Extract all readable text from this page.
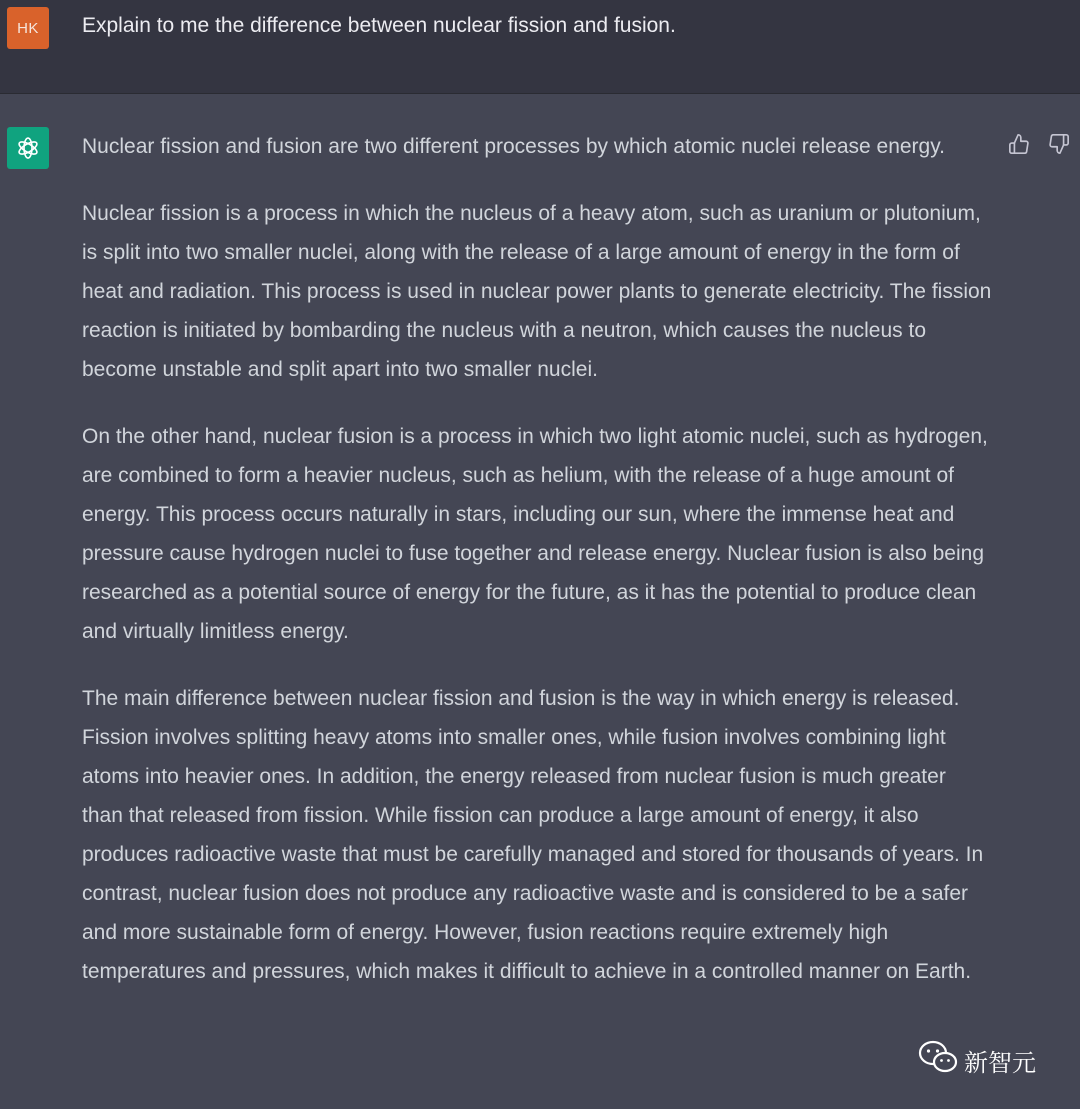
HK	Explain to me the difference between nuclear fission and fusion.

Nuclear fission and fusion are two different processes by which atomic nuclei release energy.

Nuclear fission is a process in which the nucleus of a heavy atom, such as uranium or plutonium, is split into two smaller nuclei, along with the release of a large amount of energy in the form of heat and radiation. This process is used in nuclear power plants to generate electricity. The fission reaction is initiated by bombarding the nucleus with a neutron, which causes the nucleus to become unstable and split apart into two smaller nuclei.

On the other hand, nuclear fusion is a process in which two light atomic nuclei, such as hydrogen, are combined to form a heavier nucleus, such as helium, with the release of a huge amount of energy. This process occurs naturally in stars, including our sun, where the immense heat and pressure cause hydrogen nuclei to fuse together and release energy. Nuclear fusion is also being researched as a potential source of energy for the future, as it has the potential to produce clean and virtually limitless energy.

The main difference between nuclear fission and fusion is the way in which energy is released. Fission involves splitting heavy atoms into smaller ones, while fusion involves combining light atoms into heavier ones. In addition, the energy released from nuclear fusion is much greater than that released from fission. While fission can produce a large amount of energy, it also produces radioactive waste that must be carefully managed and stored for thousands of years. In contrast, nuclear fusion does not produce any radioactive waste and is considered to be a safer and more sustainable form of energy. However, fusion reactions require extremely high temperatures and pressures, which makes it difficult to achieve in a controlled manner on Earth.

新智元
